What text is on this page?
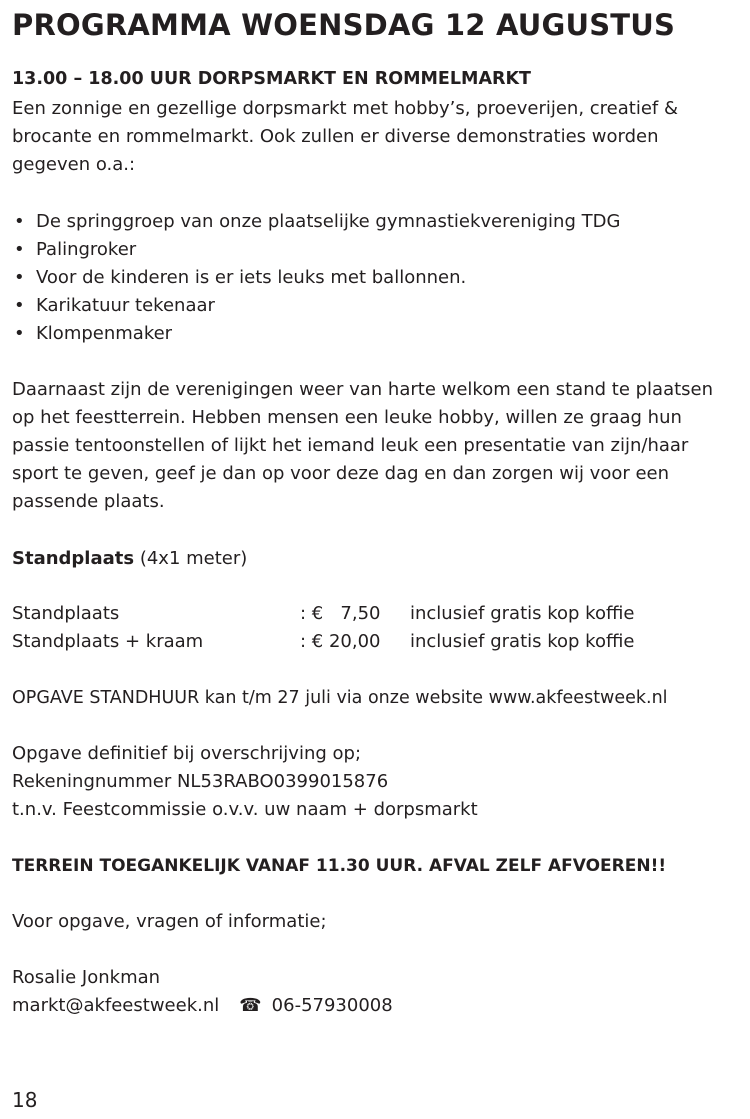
PROGRAMMA WOENSDAG 12 AUGUSTUS
13.00 – 18.00 UUR DORPSMARKT EN ROMMELMARKT
Een zonnige en gezellige dorpsmarkt met hobby’s, proeverijen, creatief &
brocante en rommelmarkt. Ook zullen er diverse demonstraties worden
gegeven o.a.:
• De springgroep van onze plaatselijke gymnastiekvereniging TDG
• Palingroker
• Voor de kinderen is er iets leuks met ballonnen.
• Karikatuur tekenaar
• Klompenmaker
Daarnaast zijn de verenigingen weer van harte welkom een stand te plaatsen
op het feestterrein. Hebben mensen een leuke hobby, willen ze graag hun
passie tentoonstellen of lijkt het iemand leuk een presentatie van zijn/haar
sport te geven, geef je dan op voor deze dag en dan zorgen wij voor een
passende plaats.
Standplaats (4x1 meter)
Standplaats	: €   7,50	inclusief gratis kop koffie
Standplaats + kraam	: € 20,00	inclusief gratis kop koffie
OPGAVE STANDHUUR kan t/m 27 juli via onze website www.akfeestweek.nl
Opgave definitief bij overschrijving op;
Rekeningnummer NL53RABO0399015876
t.n.v. Feestcommissie o.v.v. uw naam + dorpsmarkt
TERREIN TOEGANKELIJK VANAF 11.30 UUR. AFVAL ZELF AFVOEREN!!
Voor opgave, vragen of informatie;
Rosalie Jonkman
markt@akfeestweek.nl ☎ 06-57930008
18
